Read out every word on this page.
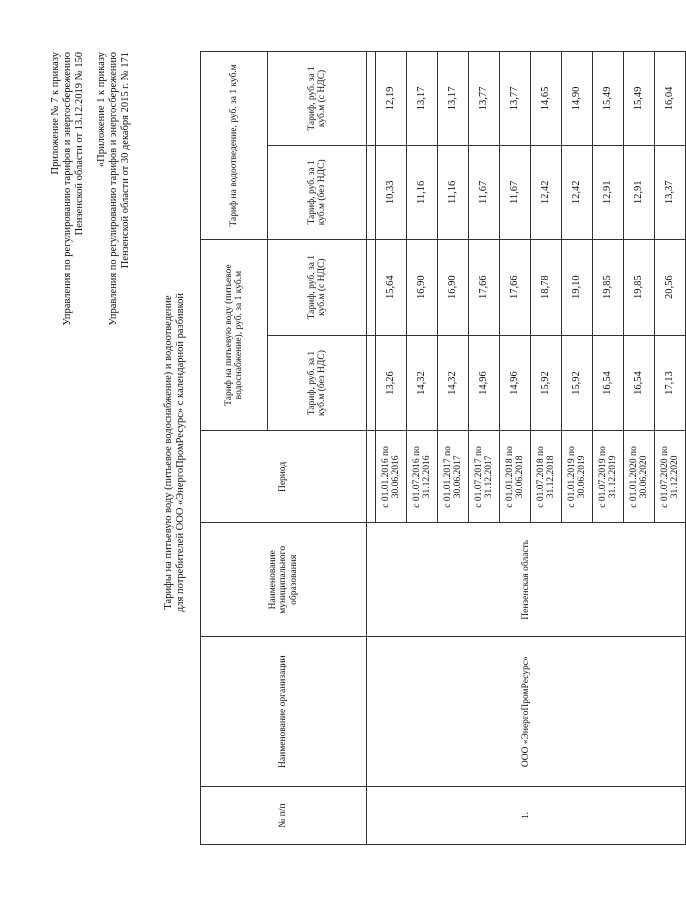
Приложение № 7 к приказу Управления по регулированию тарифов и энергосбережению Пензенской области от 13.12.2019 № 150 «Приложение 1 к приказу Управления по регулированию тарифов и энергосбережению Пензенской области от 30 декабря 2015 г. № 171
Тарифы на питьевую воду (питьевое водоснабжение) и водоотведение для потребителей ООО «ЭнергоПромРесурс» с календарной разбивкой
№ п/п	Наименование организации	Наименование муниципального образования	Период	Тариф на питьевую воду (питьевое водоснабжение), руб. за 1 куб.м		Тариф на водоотведение, руб. за 1 куб.м	
				Тариф, руб. за 1 куб.м (без НДС)	Тариф, руб. за 1 куб.м (с НДС)	Тариф, руб. за 1 куб.м (без НДС)	Тариф, руб. за 1 куб.м (с НДС)
1.	ООО «ЭнергоПромРесурс»	Пензенская область					
			с 01.01.2016 по 30.06.2016	13,26	15,64	10,33	12,19
			с 01.07.2016 по 31.12.2016	14,32	16,90	11,16	13,17
			с 01.01.2017 по 30.06.2017	14,32	16,90	11,16	13,17
			с 01.07.2017 по 31.12.2017	14,96	17,66	11,67	13,77
			с 01.01.2018 по 30.06.2018	14,96	17,66	11,67	13,77
			с 01.07.2018 по 31.12.2018	15,92	18,78	12,42	14,65
			с 01.01.2019 по 30.06.2019	15,92	19,10	12,42	14,90
			с 01.07.2019 по 31.12.2019	16,54	19,85	12,91	15,49
			с 01.01.2020 по 30.06.2020	16,54	19,85	12,91	15,49
			с 01.07.2020 по 31.12.2020	17,13	20,56	13,37	16,04
